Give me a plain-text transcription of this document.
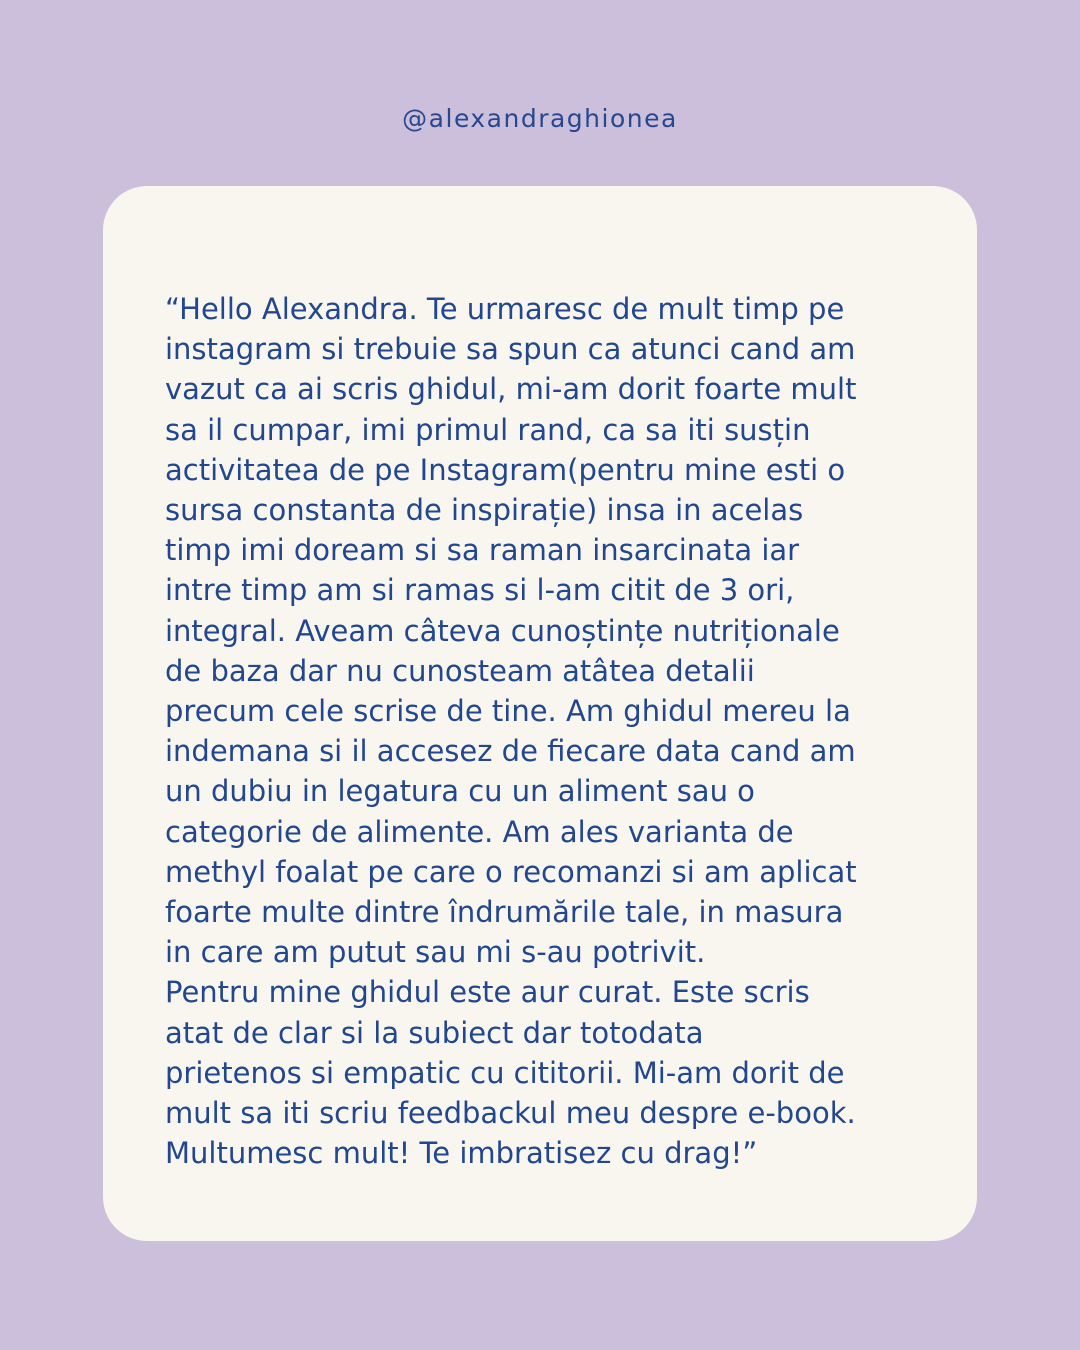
@alexandraghionea

“Hello Alexandra. Te urmaresc de mult timp pe
instagram si trebuie sa spun ca atunci cand am
vazut ca ai scris ghidul, mi-am dorit foarte mult
sa il cumpar, imi primul rand, ca sa iti susțin
activitatea de pe Instagram(pentru mine esti o
sursa constanta de inspirație) insa in acelas
timp imi doream si sa raman insarcinata iar
intre timp am si ramas si l-am citit de 3 ori,
integral. Aveam câteva cunoștințe nutriționale
de baza dar nu cunosteam atâtea detalii
precum cele scrise de tine. Am ghidul mereu la
indemana si il accesez de fiecare data cand am
un dubiu in legatura cu un aliment sau o
categorie de alimente. Am ales varianta de
methyl foalat pe care o recomanzi si am aplicat
foarte multe dintre îndrumările tale, in masura
in care am putut sau mi s-au potrivit.
Pentru mine ghidul este aur curat. Este scris
atat de clar si la subiect dar totodata
prietenos si empatic cu cititorii. Mi-am dorit de
mult sa iti scriu feedbackul meu despre e-book.
Multumesc mult! Te imbratisez cu drag!”
